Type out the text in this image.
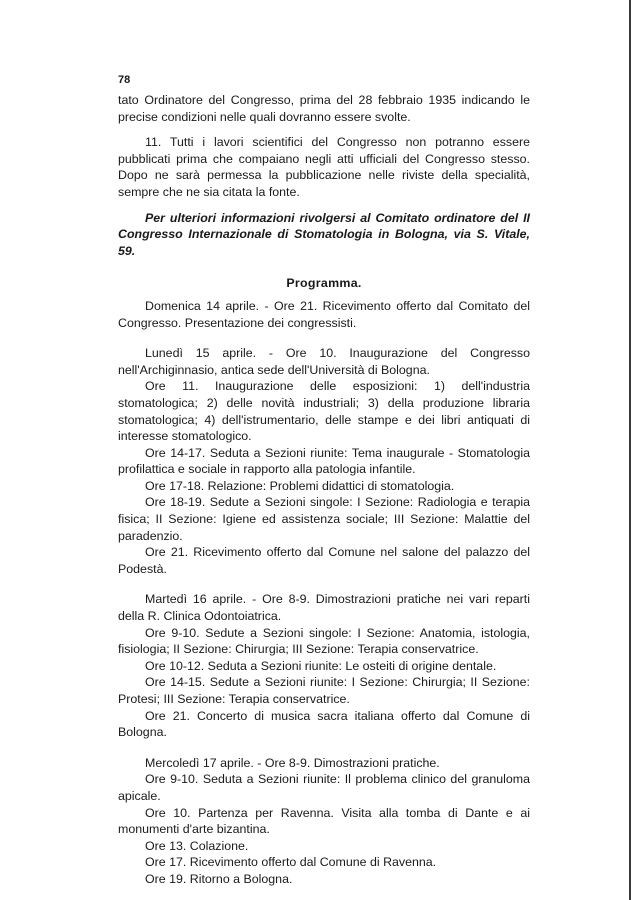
78

tato Ordinatore del Congresso, prima del 28 febbraio 1935 indicando le precise condizioni nelle quali dovranno essere svolte.

11. Tutti i lavori scientifici del Congresso non potranno essere pubblicati prima che compaiano negli atti ufficiali del Congresso stesso. Dopo ne sarà permessa la pubblicazione nelle riviste della specialità, sempre che ne sia citata la fonte.

Per ulteriori informazioni rivolgersi al Comitato ordinatore del II Congresso Internazionale di Stomatologia in Bologna, via S. Vitale, 59.

Programma.

Domenica 14 aprile. - Ore 21. Ricevimento offerto dal Comitato del Congresso. Presentazione dei congressisti.

Lunedì 15 aprile. - Ore 10. Inaugurazione del Congresso nell'Archiginnasio, antica sede dell'Università di Bologna.

Ore 11. Inaugurazione delle esposizioni: 1) dell'industria stomatologica; 2) delle novità industriali; 3) della produzione libraria stomatologica; 4) dell'istrumentario, delle stampe e dei libri antiquati di interesse stomatologico.

Ore 14-17. Seduta a Sezioni riunite: Tema inaugurale - Stomatologia profilattica e sociale in rapporto alla patologia infantile.

Ore 17-18. Relazione: Problemi didattici di stomatologia.

Ore 18-19. Sedute a Sezioni singole: I Sezione: Radiologia e terapia fisica; II Sezione: Igiene ed assistenza sociale; III Sezione: Malattie del paradenzio.

Ore 21. Ricevimento offerto dal Comune nel salone del palazzo del Podestà.

Martedì 16 aprile. - Ore 8-9. Dimostrazioni pratiche nei vari reparti della R. Clinica Odontoiatrica.

Ore 9-10. Sedute a Sezioni singole: I Sezione: Anatomia, istologia, fisiologia; II Sezione: Chirurgia; III Sezione: Terapia conservatrice.

Ore 10-12. Seduta a Sezioni riunite: Le osteiti di origine dentale.

Ore 14-15. Sedute a Sezioni riunite: I Sezione: Chirurgia; II Sezione: Protesi; III Sezione: Terapia conservatrice.

Ore 21. Concerto di musica sacra italiana offerto dal Comune di Bologna.

Mercoledì 17 aprile. - Ore 8-9. Dimostrazioni pratiche.

Ore 9-10. Seduta a Sezioni riunite: Il problema clinico del granuloma apicale.

Ore 10. Partenza per Ravenna. Visita alla tomba di Dante e ai monumenti d'arte bizantina.

Ore 13. Colazione.

Ore 17. Ricevimento offerto dal Comune di Ravenna.

Ore 19. Ritorno a Bologna.
